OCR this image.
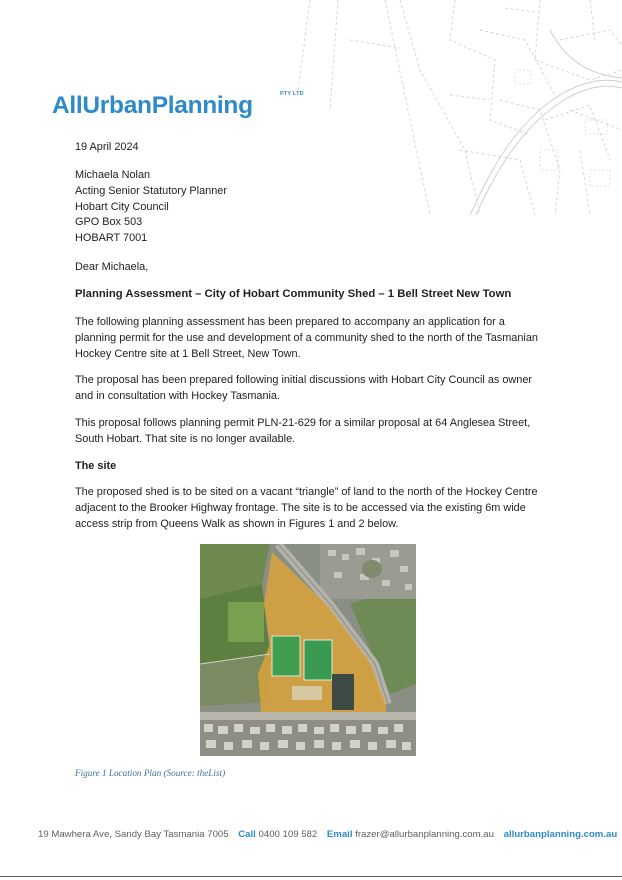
AllUrbanPlanning	PTY LTD
19 April 2024
Michaela Nolan
Acting Senior Statutory Planner
Hobart City Council
GPO Box 503
HOBART 7001
Dear Michaela,
Planning Assessment – City of Hobart Community Shed – 1 Bell Street New Town
The following planning assessment has been prepared to accompany an application for a planning permit for the use and development of a community shed to the north of the Tasmanian Hockey Centre site at 1 Bell Street, New Town.
The proposal has been prepared following initial discussions with Hobart City Council as owner and in consultation with Hockey Tasmania.
This proposal follows planning permit PLN-21-629 for a similar proposal at 64 Anglesea Street, South Hobart. That site is no longer available.
The site
The proposed shed is to be sited on a vacant “triangle” of land to the north of the Hockey Centre adjacent to the Brooker Highway frontage. The site is to be accessed via the existing 6m wide access strip from Queens Walk as shown in Figures 1 and 2 below.
Figure 1 Location Plan (Source: theList)
19 Mawhera Ave, Sandy Bay Tasmania 7005 Call 0400 109 582 Email frazer@allurbanplanning.com.au allurbanplanning.com.au
